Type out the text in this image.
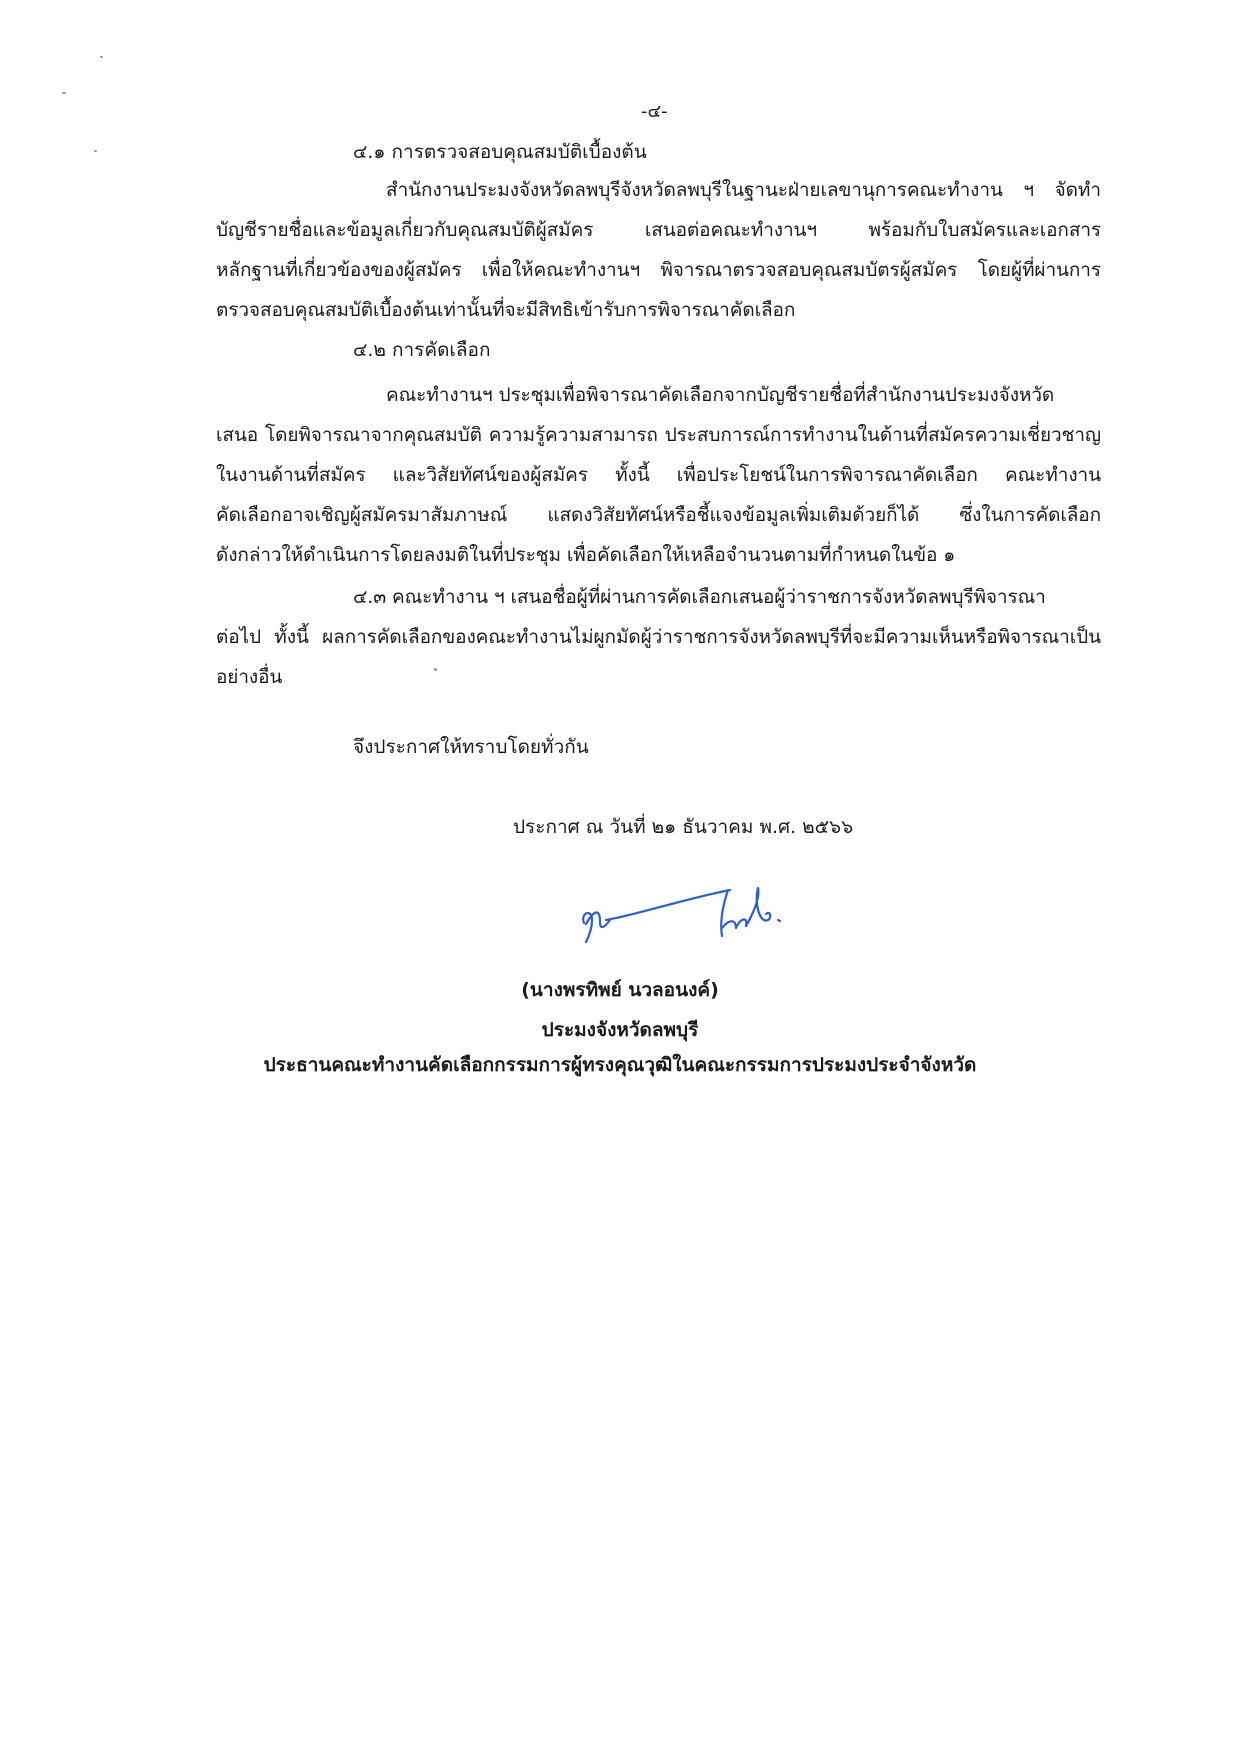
-๔-
๔.๑ การตรวจสอบคุณสมบัติเบื้องต้น
สำนักงานประมงจังหวัดลพบุรีจังหวัดลพบุรีในฐานะฝ่ายเลขานุการคณะทำงาน ฯ จัดทำ
บัญชีรายชื่อและข้อมูลเกี่ยวกับคุณสมบัติผู้สมัคร เสนอต่อคณะทำงานฯ พร้อมกับใบสมัครและเอกสาร
หลักฐานที่เกี่ยวข้องของผู้สมัคร เพื่อให้คณะทำงานฯ พิจารณาตรวจสอบคุณสมบัตรผู้สมัคร โดยผู้ที่ผ่านการ
ตรวจสอบคุณสมบัติเบื้องต้นเท่านั้นที่จะมีสิทธิเข้ารับการพิจารณาคัดเลือก
๔.๒ การคัดเลือก
คณะทำงานฯ ประชุมเพื่อพิจารณาคัดเลือกจากบัญชีรายชื่อที่สำนักงานประมงจังหวัด
เสนอ โดยพิจารณาจากคุณสมบัติ ความรู้ความสามารถ ประสบการณ์การทำงานในด้านที่สมัครความเชี่ยวชาญ
ในงานด้านที่สมัคร และวิสัยทัศน์ของผู้สมัคร ทั้งนี้ เพื่อประโยชน์ในการพิจารณาคัดเลือก คณะทำงาน
คัดเลือกอาจเชิญผู้สมัครมาสัมภาษณ์ แสดงวิสัยทัศน์หรือชี้แจงข้อมูลเพิ่มเติมด้วยก็ได้ ซึ่งในการคัดเลือก
ดังกล่าวให้ดำเนินการโดยลงมติในที่ประชุม เพื่อคัดเลือกให้เหลือจำนวนตามที่กำหนดในข้อ ๑
๔.๓ คณะทำงาน ฯ เสนอชื่อผู้ที่ผ่านการคัดเลือกเสนอผู้ว่าราชการจังหวัดลพบุรีพิจารณา
ต่อไป ทั้งนี้ ผลการคัดเลือกของคณะทำงานไม่ผูกมัดผู้ว่าราชการจังหวัดลพบุรีที่จะมีความเห็นหรือพิจารณาเป็น
อย่างอื่น
จึงประกาศให้ทราบโดยทั่วกัน
ประกาศ ณ วันที่ ๒๑ ธันวาคม พ.ศ. ๒๕๖๖
(นางพรทิพย์ นวลอนงค์)
ประมงจังหวัดลพบุรี
ประธานคณะทำงานคัดเลือกกรรมการผู้ทรงคุณวุฒิในคณะกรรมการประมงประจำจังหวัด
